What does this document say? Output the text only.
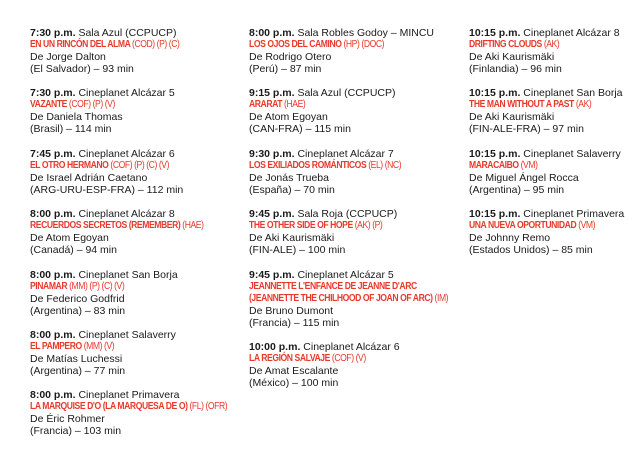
7:30 p.m. Sala Azul (CCPUCP)
EN UN RINCÓN DEL ALMA (COD) (P) (C)
De Jorge Dalton
(El Salvador) – 93 min
7:30 p.m. Cineplanet Alcázar 5
VAZANTE (COF) (P) (V)
De Daniela Thomas
(Brasil) – 114 min
7:45 p.m. Cineplanet Alcázar 6
EL OTRO HERMANO (COF) (P) (C) (V)
De Israel Adrián Caetano
(ARG-URU-ESP-FRA) – 112 min
8:00 p.m. Cineplanet Alcázar 8
RECUERDOS SECRETOS (REMEMBER) (HAE)
De Atom Egoyan
(Canadá) – 94 min
8:00 p.m. Cineplanet San Borja
PINAMAR (MM) (P) (C) (V)
De Federico Godfrid
(Argentina) – 83 min
8:00 p.m. Cineplanet Salaverry
EL PAMPERO (MM) (V)
De Matías Luchessi
(Argentina) – 77 min
8:00 p.m. Cineplanet Primavera
LA MARQUISE D'O (LA MARQUESA DE O) (FL) (OFR)
De Éric Rohmer
(Francia) – 103 min
8:00 p.m. Sala Robles Godoy – MINCU
LOS OJOS DEL CAMINO (HP) (DOC)
De Rodrigo Otero
(Perú) – 87 min
9:15 p.m. Sala Azul (CCPUCP)
ARARAT (HAE)
De Atom Egoyan
(CAN-FRA) – 115 min
9:30 p.m. Cineplanet Alcázar 7
LOS EXILIADOS ROMÁNTICOS (EL) (NC)
De Jonás Trueba
(España) – 70 min
9:45 p.m. Sala Roja (CCPUCP)
THE OTHER SIDE OF HOPE (AK) (P)
De Aki Kaurismäki
(FIN-ALE) – 100 min
9:45 p.m. Cineplanet Alcázar 5
JEANNETTE L'ENFANCE DE JEANNE D'ARC (JEANNETTE THE CHILHOOD OF JOAN OF ARC) (IM)
De Bruno Dumont
(Francia) – 115 min
10:00 p.m. Cineplanet Alcázar 6
LA REGIÓN SALVAJE (COF) (V)
De Amat Escalante
(México) – 100 min
10:15 p.m. Cineplanet Alcázar 8
DRIFTING CLOUDS (AK)
De Aki Kaurismäki
(Finlandia) – 96 min
10:15 p.m. Cineplanet San Borja
THE MAN WITHOUT A PAST (AK)
De Aki Kaurismäki
(FIN-ALE-FRA) – 97 min
10:15 p.m. Cineplanet Salaverry
MARACAIBO (VM)
De Miguel Ángel Rocca
(Argentina) – 95 min
10:15 p.m. Cineplanet Primavera
UNA NUEVA OPORTUNIDAD (VM)
De Johnny Remo
(Estados Unidos) – 85 min
